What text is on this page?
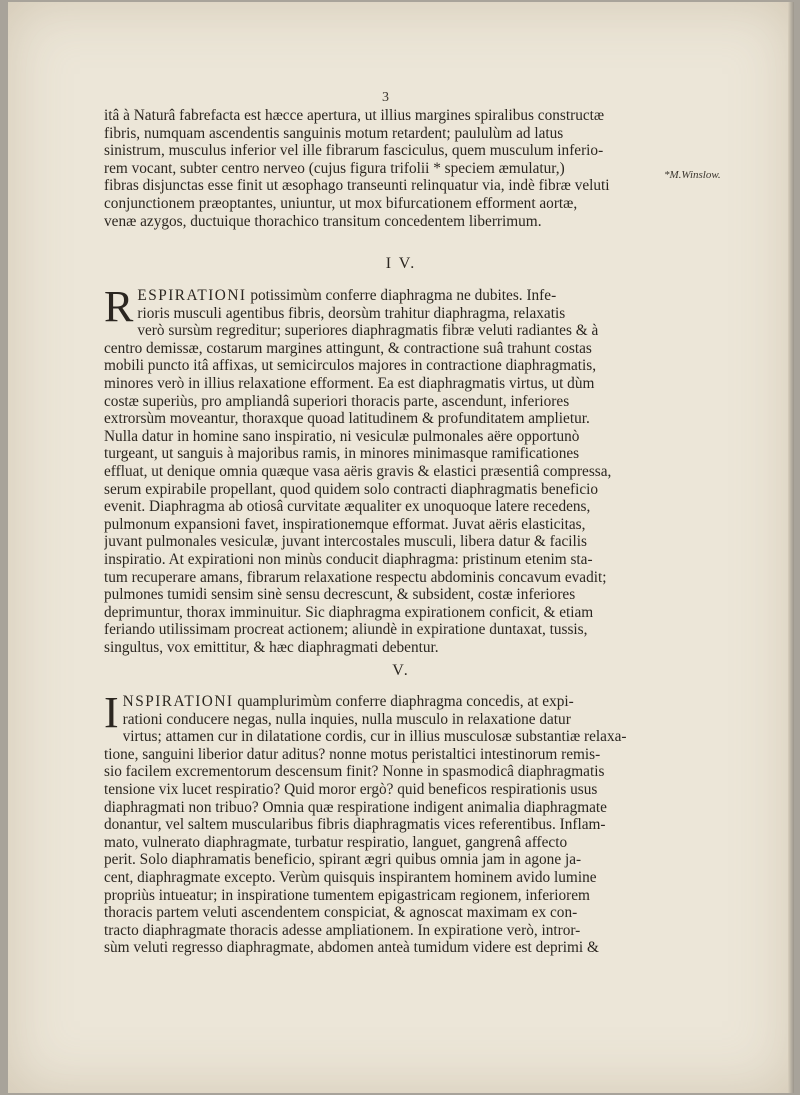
3
*M.Winslow.
itâ à Naturâ fabrefacta est hæcce apertura, ut illius margines spiralibus constructæ
fibris, numquam ascendentis sanguinis motum retardent; paululùm ad latus
sinistrum, musculus inferior vel ille fibrarum fasciculus, quem musculum inferio-
rem vocant, subter centro nerveo (cujus figura trifolii * speciem æmulatur,)
fibras disjunctas esse finit ut æsophago transeunti relinquatur via, indè fibræ veluti
conjunctionem præoptantes, uniuntur, ut mox bifurcationem efforment aortæ,
venæ azygos, ductuique thorachico transitum concedentem liberrimum.
I V.
R ESPIRATIONI potissimùm conferre diaphragma ne dubites. Infe-
rioris musculi agentibus fibris, deorsùm trahitur diaphragma, relaxatis
verò sursùm regreditur; superiores diaphragmatis fibræ veluti radiantes & à
centro demissæ, costarum margines attingunt, & contractione suâ trahunt costas
mobili puncto itâ affixas, ut semicirculos majores in contractione diaphragmatis,
minores verò in illius relaxatione efforment. Ea est diaphragmatis virtus, ut dùm
costæ superiùs, pro ampliandâ superiori thoracis parte, ascendunt, inferiores
extrorsùm moveantur, thoraxque quoad latitudinem & profunditatem amplietur.
Nulla datur in homine sano inspiratio, ni vesiculæ pulmonales aëre opportunò
turgeant, ut sanguis à majoribus ramis, in minores minimasque ramificationes
effluat, ut denique omnia quæque vasa aëris gravis & elastici præsentiâ compressa,
serum expirabile propellant, quod quidem solo contracti diaphragmatis beneficio
evenit. Diaphragma ab otiosâ curvitate æqualiter ex unoquoque latere recedens,
pulmonum expansioni favet, inspirationemque efformat. Juvat aëris elasticitas,
juvant pulmonales vesiculæ, juvant intercostales musculi, libera datur & facilis
inspiratio. At expirationi non minùs conducit diaphragma: pristinum etenim sta-
tum recuperare amans, fibrarum relaxatione respectu abdominis concavum evadit;
pulmones tumidi sensim sinè sensu decrescunt, & subsident, costæ inferiores
deprimuntur, thorax imminuitur. Sic diaphragma expirationem conficit, & etiam
feriando utilissimam procreat actionem; aliundè in expiratione duntaxat, tussis,
singultus, vox emittitur, & hæc diaphragmati debentur.
V.
I NSPIRATIONI quamplurimùm conferre diaphragma concedis, at expi-
rationi conducere negas, nulla inquies, nulla musculo in relaxatione datur
virtus; attamen cur in dilatatione cordis, cur in illius musculosæ substantiæ relaxa-
tione, sanguini liberior datur aditus? nonne motus peristaltici intestinorum remis-
sio facilem excrementorum descensum finit? Nonne in spasmodicâ diaphragmatis
tensione vix lucet respiratio? Quid moror ergò? quid beneficos respirationis usus
diaphragmati non tribuo? Omnia quæ respiratione indigent animalia diaphragmate
donantur, vel saltem muscularibus fibris diaphragmatis vices referentibus. Inflam-
mato, vulnerato diaphragmate, turbatur respiratio, languet, gangrenâ affecto
perit. Solo diaphramatis beneficio, spirant ægri quibus omnia jam in agone ja-
cent, diaphragmate excepto. Verùm quisquis inspirantem hominem avido lumine
propriùs intueatur; in inspiratione tumentem epigastricam regionem, inferiorem
thoracis partem veluti ascendentem conspiciat, & agnoscat maximam ex con-
tracto diaphragmate thoracis adesse ampliationem. In expiratione verò, intror-
sùm veluti regresso diaphragmate, abdomen anteà tumidum videre est deprimi &
